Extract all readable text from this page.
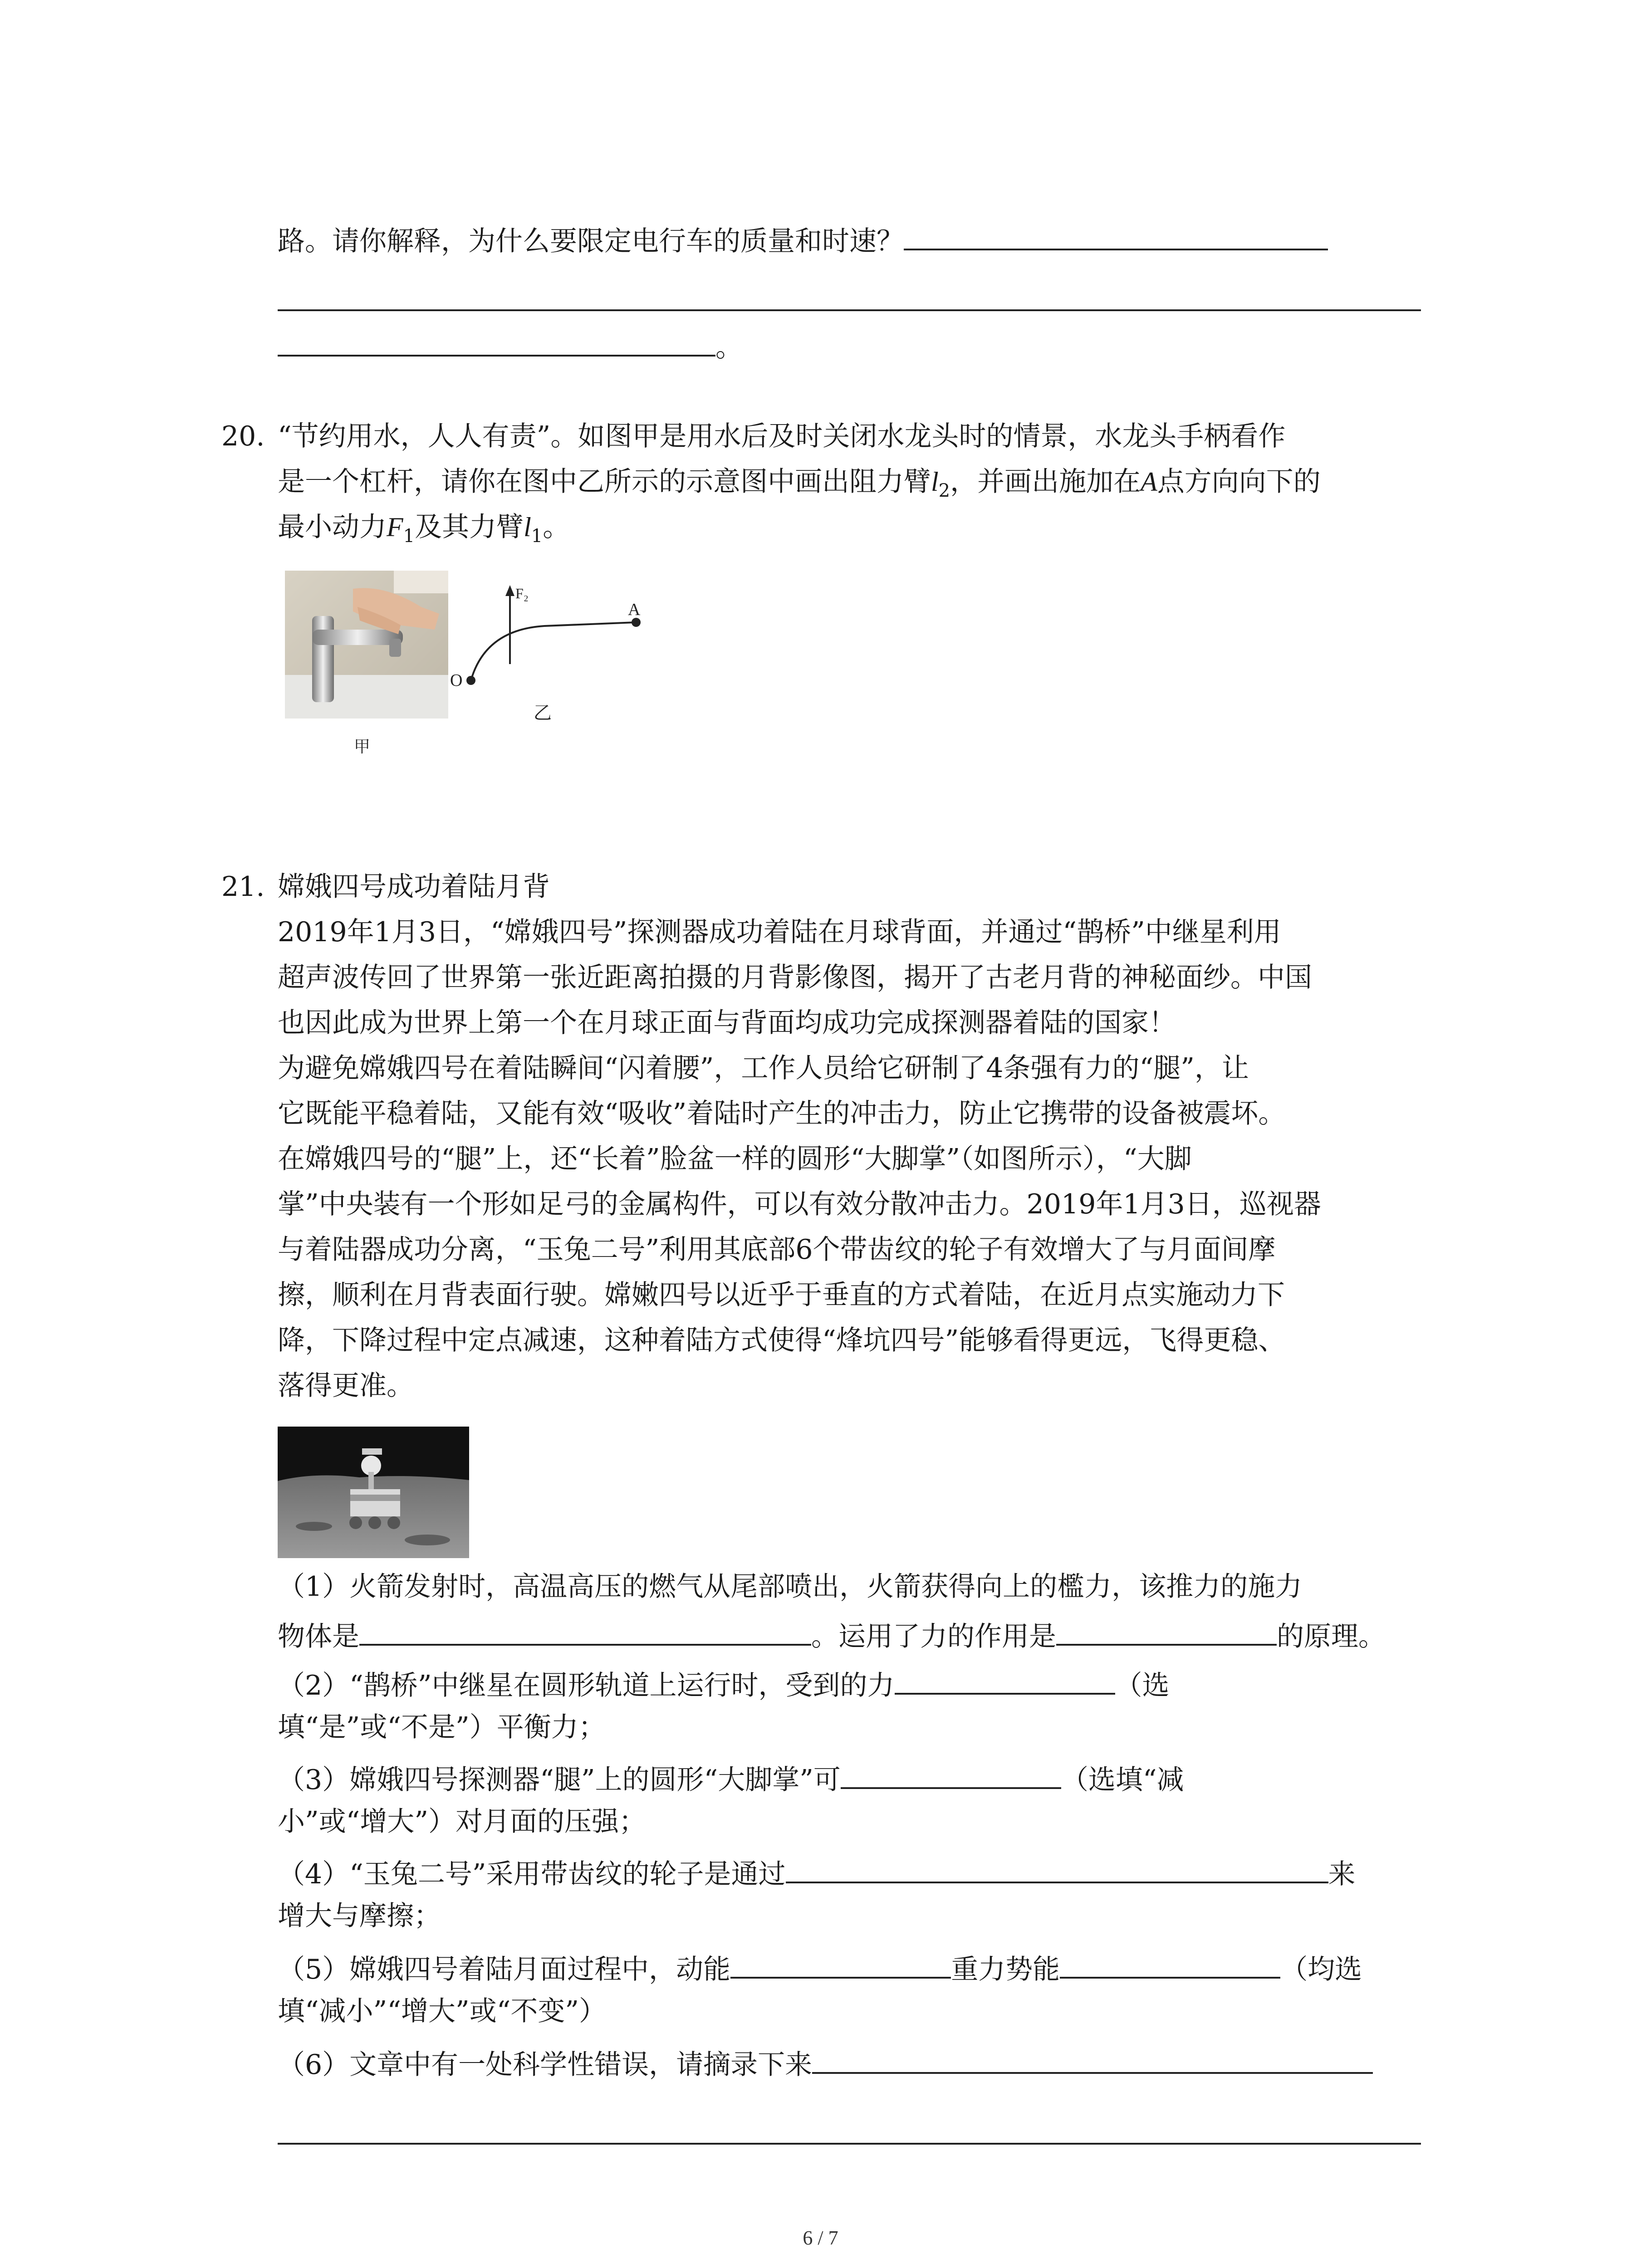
路。请你解释，为什么要限定电行车的质量和时速？
。
20. “节约用水，人人有责”。如图甲是用水后及时关闭水龙头时的情景，水龙头手柄看作
是一个杠杆，请你在图中乙所示的示意图中画出阻力臂$l_2$，并画出施加在A点方向向下的
最小动力$F_1$及其力臂$l_1$。
甲
F₂
A
O
乙
21. 嫦娥四号成功着陆月背
2019年1月3日，“嫦娥四号”探测器成功着陆在月球背面，并通过“鹊桥”中继星利用
超声波传回了世界第一张近距离拍摄的月背影像图，揭开了古老月背的神秘面纱。中国
也因此成为世界上第一个在月球正面与背面均成功完成探测器着陆的国家！
为避免嫦娥四号在着陆瞬间“闪着腰”，工作人员给它研制了4条强有力的“腿”，让
它既能平稳着陆，又能有效“吸收”着陆时产生的冲击力，防止它携带的设备被震坏。
在嫦娥四号的“腿”上，还“长着”脸盆一样的圆形“大脚掌”（如图所示），“大脚
掌”中央装有一个形如足弓的金属构件，可以有效分散冲击力。2019年1月3日，巡视器
与着陆器成功分离，“玉兔二号”利用其底部6个带齿纹的轮子有效增大了与月面间摩
擦，顺利在月背表面行驶。嫦嫩四号以近乎于垂直的方式着陆，在近月点实施动力下
降，下降过程中定点减速，这种着陆方式使得“烽坑四号”能够看得更远，飞得更稳、
落得更准。
（1）火箭发射时，高温高压的燃气从尾部喷出，火箭获得向上的檻力，该推力的施力
物体是	。运用了力的作用是	的原理。
（2）“鹊桥”中继星在圆形轨道上运行时，受到的力	（选
填“是”或“不是”）平衡力；
（3）嫦娥四号探测器“腿”上的圆形“大脚掌”可	（选填“减
小”或“增大”）对月面的压强；
（4）“玉兔二号”采用带齿纹的轮子是通过	来
增大与摩擦；
（5）嫦娥四号着陆月面过程中，动能	重力势能	（均选
填“减小”“增大”或“不变”）
（6）文章中有一处科学性错误，请摘录下来
6 / 7
